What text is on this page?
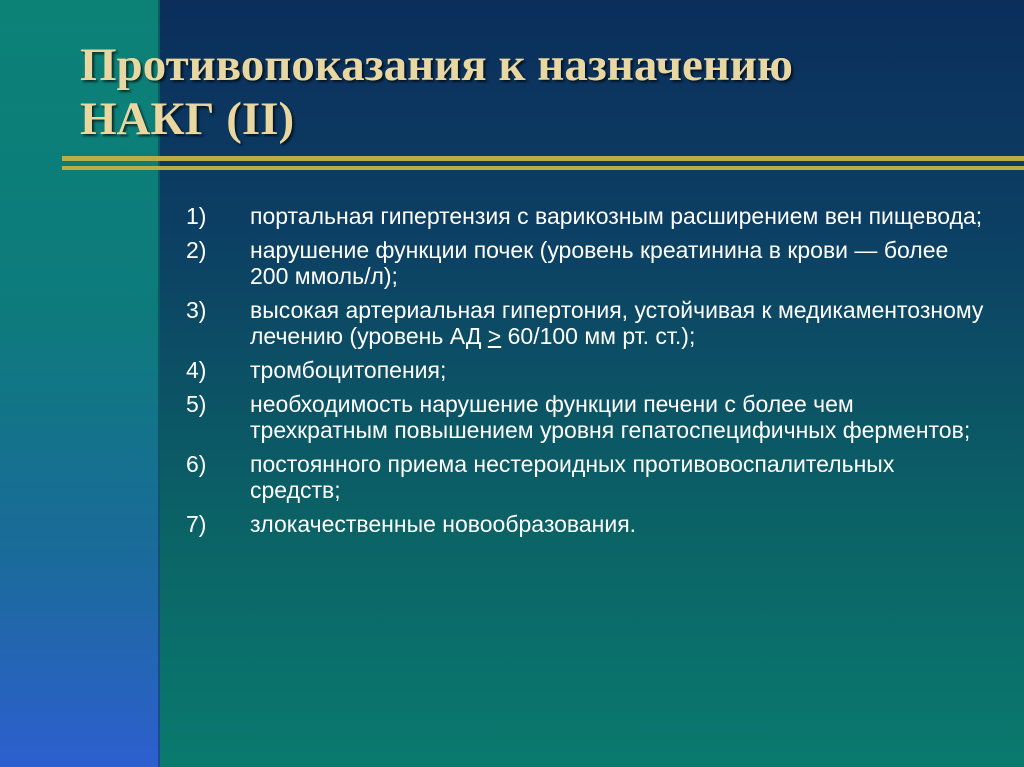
Противопоказания к назначению
НАКГ (II)
1)	портальная гипертензия с варикозным расширением вен пищевода;
2)	нарушение функции почек (уровень креатинина в крови — более 200 ммоль/л);
3)	высокая артериальная гипертония, устойчивая к медикаментозному лечению (уровень АД ≥ 60/100 мм рт. ст.);
4)	тромбоцитопения;
5)	необходимость нарушение функции печени с более чем трехкратным повышением уровня гепатоспецифичных ферментов;
6)	постоянного приема нестероидных противовоспалительных средств;
7)	злокачественные новообразования.
